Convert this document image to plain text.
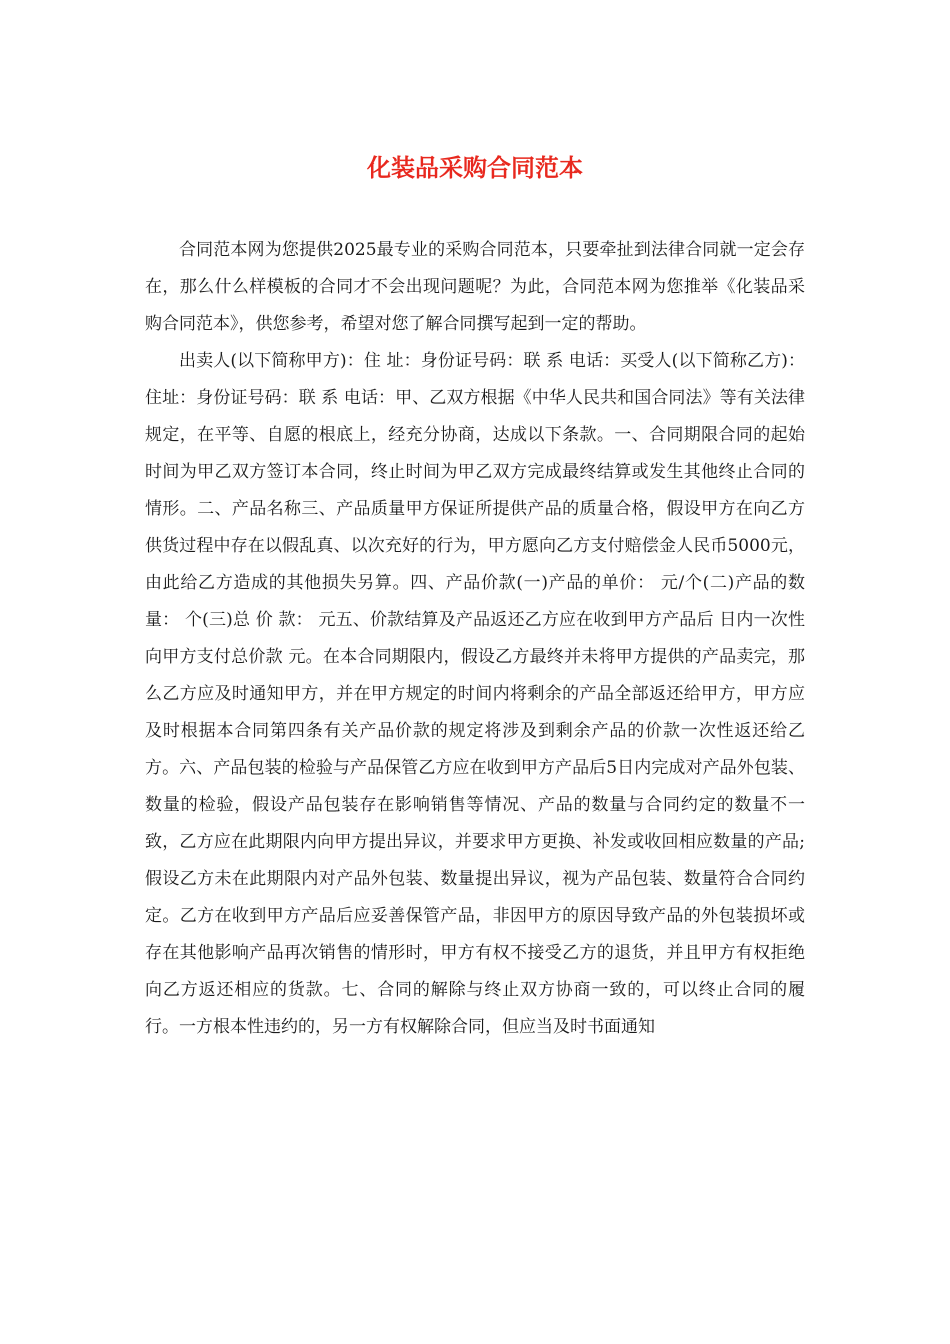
化装品采购合同范本

合同范本网为您提供2025最专业的采购合同范本，只要牵扯到法律合同就一定会存在，那么什么样模板的合同才不会出现问题呢？为此，合同范本网为您推举《化装品采购合同范本》，供您参考，希望对您了解合同撰写起到一定的帮助。

出卖人(以下简称甲方)：住 址：身份证号码：联 系 电话：买受人(以下简称乙方)：住址：身份证号码：联 系 电话：甲、乙双方根据《中华人民共和国合同法》等有关法律规定，在平等、自愿的根底上，经充分协商，达成以下条款。一、合同期限合同的起始时间为甲乙双方签订本合同，终止时间为甲乙双方完成最终结算或发生其他终止合同的情形。二、产品名称三、产品质量甲方保证所提供产品的质量合格，假设甲方在向乙方供货过程中存在以假乱真、以次充好的行为，甲方愿向乙方支付赔偿金人民币5000元，由此给乙方造成的其他损失另算。四、产品价款(一)产品的单价： 元/个(二)产品的数量： 个(三)总 价 款： 元五、价款结算及产品返还乙方应在收到甲方产品后 日内一次性向甲方支付总价款 元。在本合同期限内，假设乙方最终并未将甲方提供的产品卖完，那么乙方应及时通知甲方，并在甲方规定的时间内将剩余的产品全部返还给甲方，甲方应及时根据本合同第四条有关产品价款的规定将涉及到剩余产品的价款一次性返还给乙方。六、产品包装的检验与产品保管乙方应在收到甲方产品后5日内完成对产品外包装、数量的检验，假设产品包装存在影响销售等情况、产品的数量与合同约定的数量不一致，乙方应在此期限内向甲方提出异议，并要求甲方更换、补发或收回相应数量的产品;假设乙方未在此期限内对产品外包装、数量提出异议，视为产品包装、数量符合合同约定。乙方在收到甲方产品后应妥善保管产品，非因甲方的原因导致产品的外包装损坏或存在其他影响产品再次销售的情形时，甲方有权不接受乙方的退货，并且甲方有权拒绝向乙方返还相应的货款。七、合同的解除与终止双方协商一致的，可以终止合同的履行。一方根本性违约的，另一方有权解除合同，但应当及时书面通知
